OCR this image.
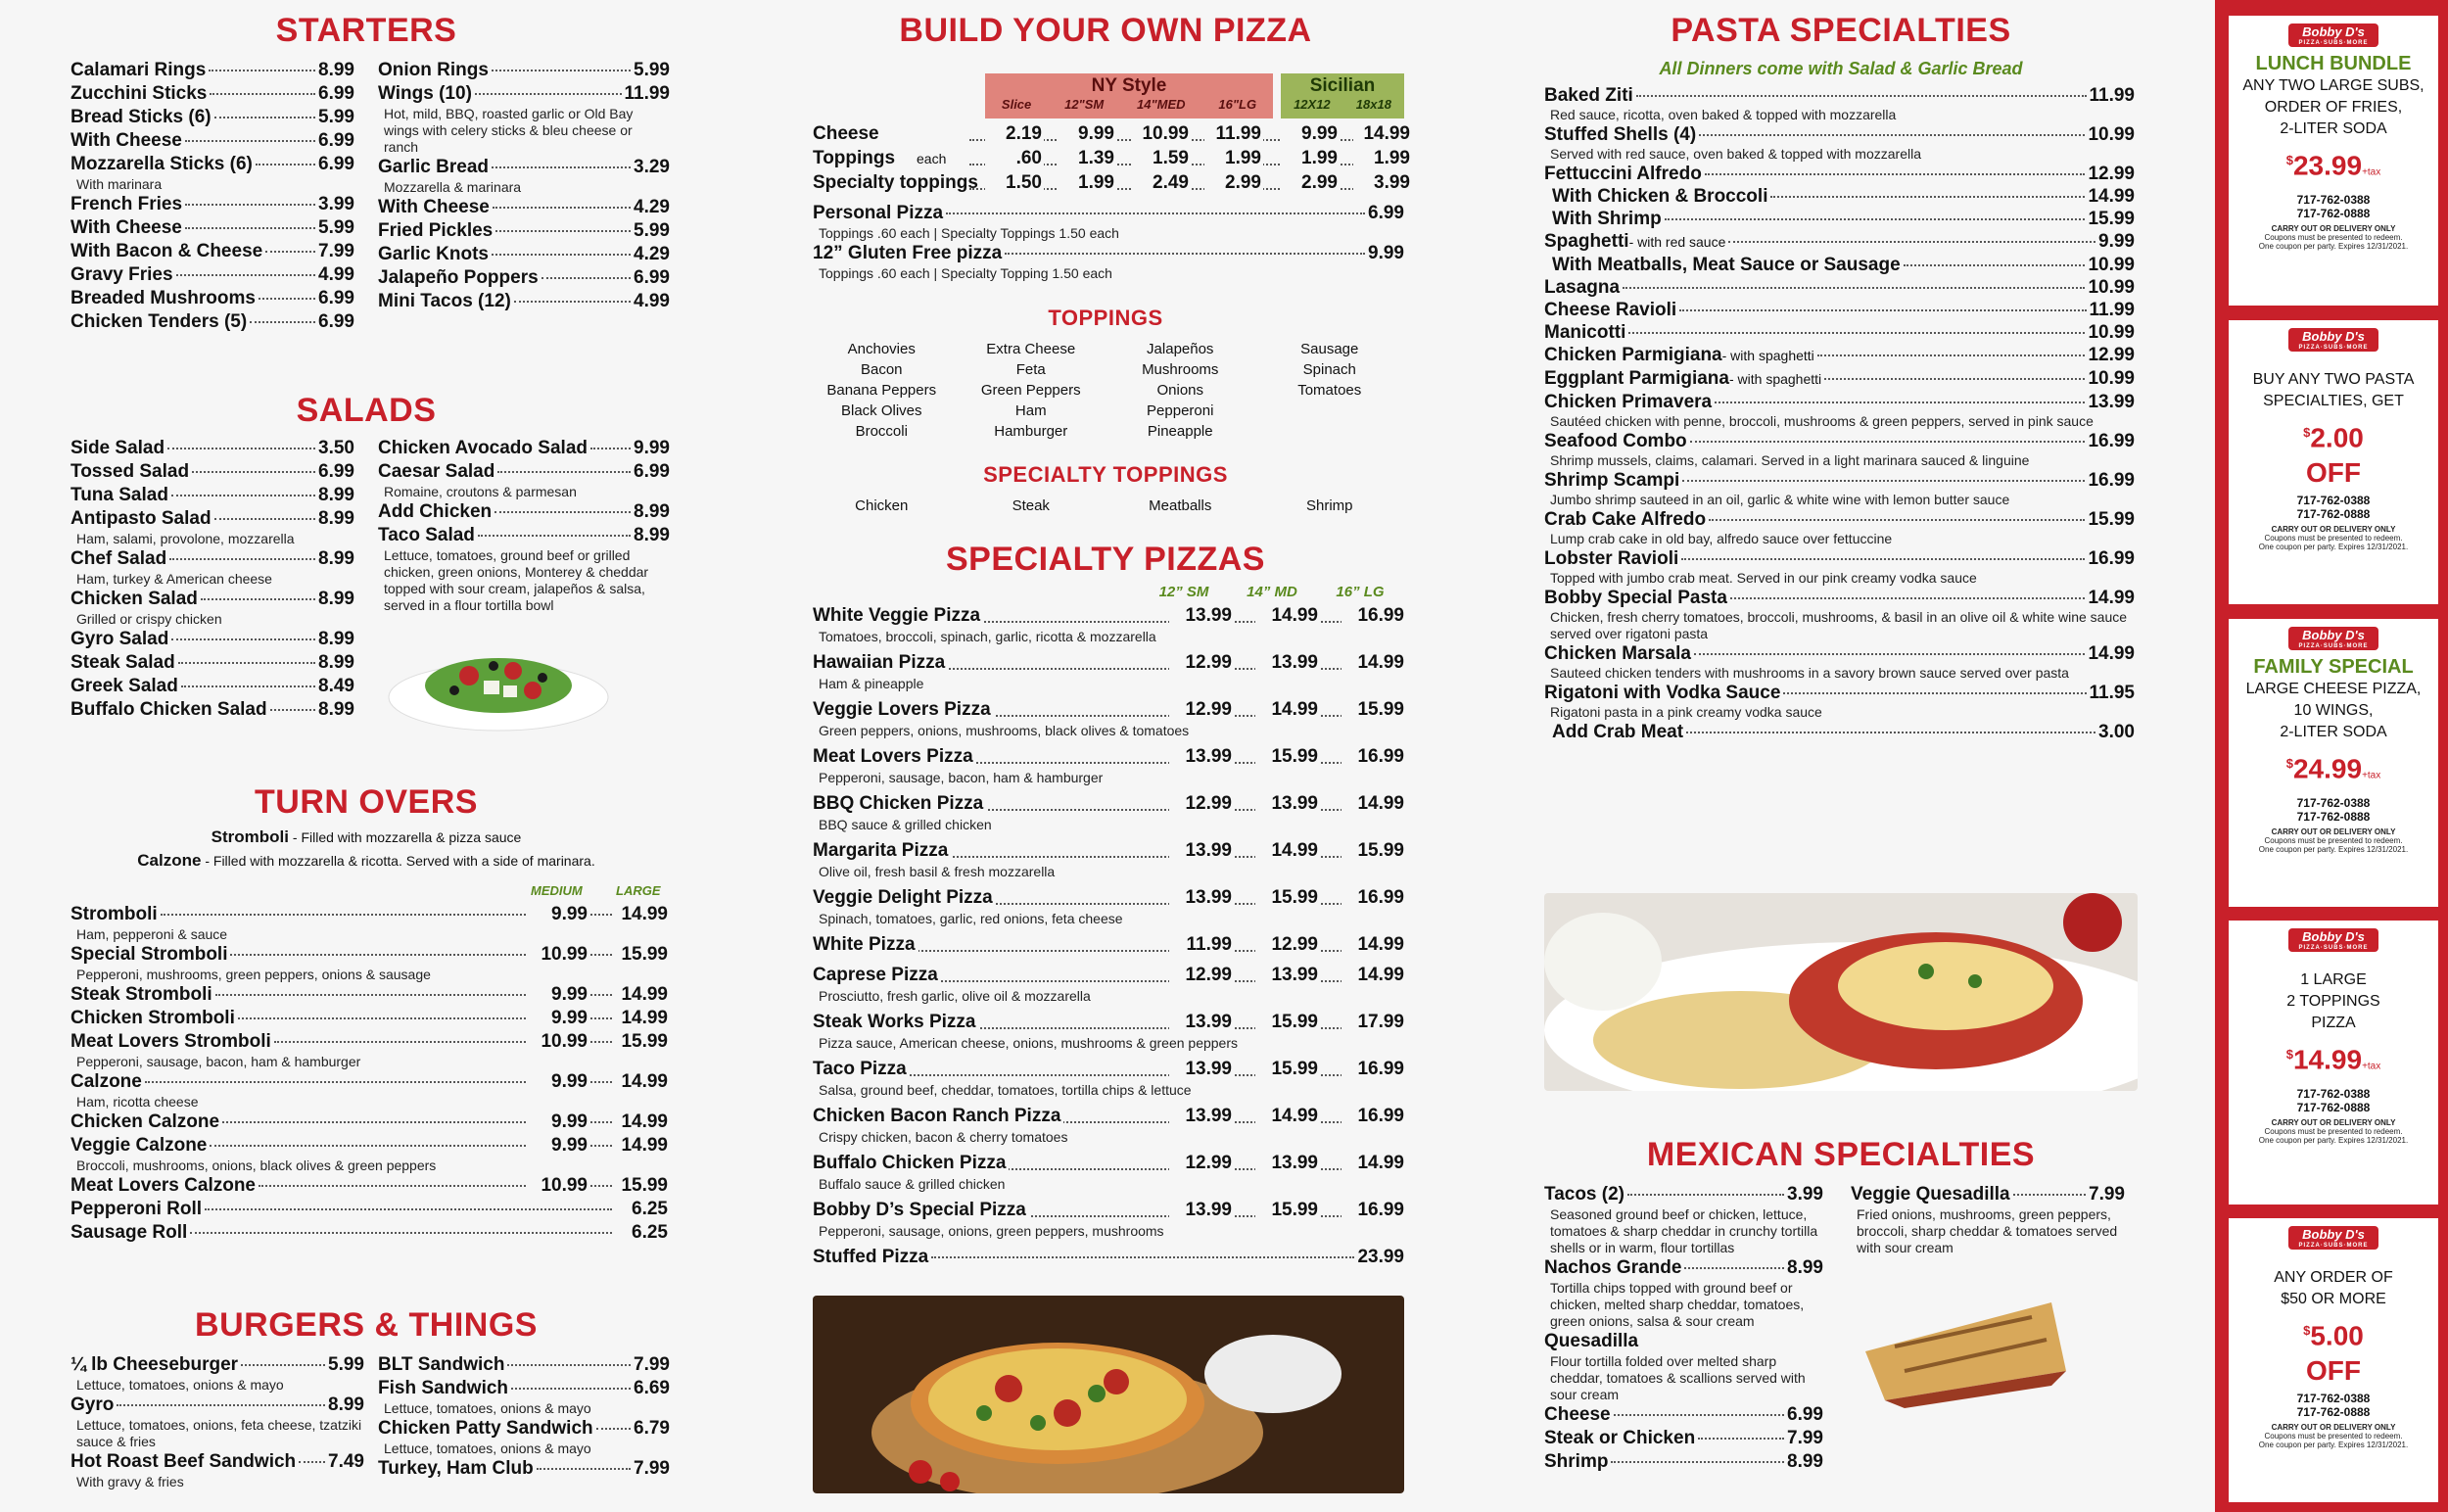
STARTERS
Calamari Rings	8.99
Zucchini Sticks	6.99
Bread Sticks (6)	5.99
With Cheese	6.99
Mozzarella Sticks (6)	6.99
With marinara
French Fries	3.99
With Cheese	5.99
With Bacon & Cheese	7.99
Gravy Fries	4.99
Breaded Mushrooms	6.99
Chicken Tenders (5)	6.99
Onion Rings	5.99
Wings (10)	11.99
Hot, mild, BBQ, roasted garlic or Old Bay wings with celery sticks & bleu cheese or ranch
Garlic Bread	3.29
Mozzarella & marinara
With Cheese	4.29
Fried Pickles	5.99
Garlic Knots	4.29
Jalapeño Poppers	6.99
Mini Tacos (12)	4.99
SALADS
Side Salad	3.50
Tossed Salad	6.99
Tuna Salad	8.99
Antipasto Salad	8.99
Ham, salami, provolone, mozzarella
Chef Salad	8.99
Ham, turkey & American cheese
Chicken Salad	8.99
Grilled or crispy chicken
Gyro Salad	8.99
Steak Salad	8.99
Greek Salad	8.49
Buffalo Chicken Salad	8.99
Chicken Avocado Salad 9.99
Caesar Salad	6.99
Romaine, croutons & parmesan
Add Chicken	8.99
Taco Salad	8.99
Lettuce, tomatoes, ground beef or grilled chicken, green onions, Monterey & cheddar topped with sour cream, jalapeños & salsa, served in a flour tortilla bowl
TURN OVERS
Stromboli - Filled with mozzarella & pizza sauce
Calzone - Filled with mozzarella & ricotta. Served with a side of marinara.
MEDIUM	LARGE
Stromboli	9.99	14.99
Ham, pepperoni & sauce
Special Stromboli	10.99	15.99
Pepperoni, mushrooms, green peppers, onions & sausage
Steak Stromboli	9.99	14.99
Chicken Stromboli	9.99	14.99
Meat Lovers Stromboli	10.99	15.99
Pepperoni, sausage, bacon, ham & hamburger
Calzone	9.99	14.99
Ham, ricotta cheese
Chicken Calzone	9.99	14.99
Veggie Calzone	9.99	14.99
Broccoli, mushrooms, onions, black olives & green peppers
Meat Lovers Calzone	10.99	15.99
Pepperoni Roll	6.25
Sausage Roll	6.25
BURGERS & THINGS
¼ lb Cheeseburger	5.99
Lettuce, tomatoes, onions & mayo
Gyro	8.99
Lettuce, tomatoes, onions, feta cheese, tzatziki sauce & fries
Hot Roast Beef Sandwich 7.49
With gravy & fries
BLT Sandwich	7.99
Fish Sandwich	6.69
Lettuce, tomatoes, onions & mayo
Chicken Patty Sandwich 6.79
Lettuce, tomatoes, onions & mayo
Turkey, Ham Club	7.99
BUILD YOUR OWN PIZZA
NY Style
Slice	12"SM	14"MED	16"LG
Sicilian
12X12 18x18
Cheese	2.19	9.99	10.99	11.99	9.99	14.99
Toppings each	.60	1.39	1.59	1.99	1.99	1.99
Specialty toppings	1.50	1.99	2.49	2.99	2.99	3.99
Personal Pizza	6.99
Toppings .60 each | Specialty Toppings 1.50 each
12” Gluten Free pizza	9.99
Toppings .60 each | Specialty Topping 1.50 each
TOPPINGS
Anchovies
Bacon
Banana Peppers
Black Olives
Broccoli
Extra Cheese
Feta
Green Peppers
Ham
Hamburger
Jalapeños
Mushrooms
Onions
Pepperoni
Pineapple
Sausage
Spinach
Tomatoes
SPECIALTY TOPPINGS
Chicken	Steak	Meatballs	Shrimp
SPECIALTY PIZZAS
12” SM	14” MD	16” LG
White Veggie Pizza	13.99	14.99	16.99
Tomatoes, broccoli, spinach, garlic, ricotta & mozzarella
Hawaiian Pizza	12.99	13.99	14.99
Ham & pineapple
Veggie Lovers Pizza	12.99	14.99	15.99
Green peppers, onions, mushrooms, black olives & tomatoes
Meat Lovers Pizza	13.99	15.99	16.99
Pepperoni, sausage, bacon, ham & hamburger
BBQ Chicken Pizza	12.99	13.99	14.99
BBQ sauce & grilled chicken
Margarita Pizza	13.99	14.99	15.99
Olive oil, fresh basil & fresh mozzarella
Veggie Delight Pizza	13.99	15.99	16.99
Spinach, tomatoes, garlic, red onions, feta cheese
White Pizza	11.99	12.99	14.99
Caprese Pizza	12.99	13.99	14.99
Prosciutto, fresh garlic, olive oil & mozzarella
Steak Works Pizza	13.99	15.99	17.99
Pizza sauce, American cheese, onions, mushrooms & green peppers
Taco Pizza	13.99	15.99	16.99
Salsa, ground beef, cheddar, tomatoes, tortilla chips & lettuce
Chicken Bacon Ranch Pizza	13.99	14.99	16.99
Crispy chicken, bacon & cherry tomatoes
Buffalo Chicken Pizza	12.99	13.99	14.99
Buffalo sauce & grilled chicken
Bobby D’s Special Pizza	13.99	15.99	16.99
Pepperoni, sausage, onions, green peppers, mushrooms
Stuffed Pizza	23.99
PASTA SPECIALTIES
All Dinners come with Salad & Garlic Bread
Baked Ziti	11.99
Red sauce, ricotta, oven baked & topped with mozzarella
Stuffed Shells (4)	10.99
Served with red sauce, oven baked & topped with mozzarella
Fettuccini Alfredo	12.99
With Chicken & Broccoli	14.99
With Shrimp	15.99
Spaghetti - with red sauce	9.99
With Meatballs, Meat Sauce or Sausage	10.99
Lasagna	10.99
Cheese Ravioli	11.99
Manicotti	10.99
Chicken Parmigiana - with spaghetti	12.99
Eggplant Parmigiana - with spaghetti	10.99
Chicken Primavera	13.99
Sautéed chicken with penne, broccoli, mushrooms & green peppers, served in pink sauce
Seafood Combo	16.99
Shrimp mussels, claims, calamari. Served in a light marinara sauced & linguine
Shrimp Scampi	16.99
Jumbo shrimp sauteed in an oil, garlic & white wine with lemon butter sauce
Crab Cake Alfredo	15.99
Lump crab cake in old bay, alfredo sauce over fettuccine
Lobster Ravioli	16.99
Topped with jumbo crab meat. Served in our pink creamy vodka sauce
Bobby Special Pasta	14.99
Chicken, fresh cherry tomatoes, broccoli, mushrooms, & basil in an olive oil & white wine sauce served over rigatoni pasta
Chicken Marsala	14.99
Sauteed chicken tenders with mushrooms in a savory brown sauce served over pasta
Rigatoni with Vodka Sauce	11.95
Rigatoni pasta in a pink creamy vodka sauce
Add Crab Meat	3.00
MEXICAN SPECIALTIES
Tacos (2)	3.99
Seasoned ground beef or chicken, lettuce, tomatoes & sharp cheddar in crunchy tortilla shells or in warm, flour tortillas
Nachos Grande	8.99
Tortilla chips topped with ground beef or chicken, melted sharp cheddar, tomatoes, green onions, salsa & sour cream
Quesadilla
Flour tortilla folded over melted sharp cheddar, tomatoes & scallions served with sour cream
Cheese	6.99
Steak or Chicken	7.99
Shrimp	8.99
Veggie Quesadilla	7.99
Fried onions, mushrooms, green peppers, broccoli, sharp cheddar & tomatoes served with sour cream
Bobby D's
PIZZA·SUBS·MORE
LUNCH BUNDLE
ANY TWO LARGE SUBS,
ORDER OF FRIES,
2-LITER SODA
$23.99+tax
717-762-0388
717-762-0888
CARRY OUT OR DELIVERY ONLY
Coupons must be presented to redeem.
One coupon per party. Expires 12/31/2021.
Bobby D's
PIZZA·SUBS·MORE
BUY ANY TWO PASTA
SPECIALTIES, GET
$2.00
OFF
717-762-0388
717-762-0888
CARRY OUT OR DELIVERY ONLY
Coupons must be presented to redeem.
One coupon per party. Expires 12/31/2021.
Bobby D's
PIZZA·SUBS·MORE
FAMILY SPECIAL
LARGE CHEESE PIZZA,
10 WINGS,
2-LITER SODA
$24.99+tax
717-762-0388
717-762-0888
CARRY OUT OR DELIVERY ONLY
Coupons must be presented to redeem.
One coupon per party. Expires 12/31/2021.
Bobby D's
PIZZA·SUBS·MORE
1 LARGE
2 TOPPINGS
PIZZA
$14.99+tax
717-762-0388
717-762-0888
CARRY OUT OR DELIVERY ONLY
Coupons must be presented to redeem.
One coupon per party. Expires 12/31/2021.
Bobby D's
PIZZA·SUBS·MORE
ANY ORDER OF
$50 OR MORE
$5.00
OFF
717-762-0388
717-762-0888
CARRY OUT OR DELIVERY ONLY
Coupons must be presented to redeem.
One coupon per party. Expires 12/31/2021.
